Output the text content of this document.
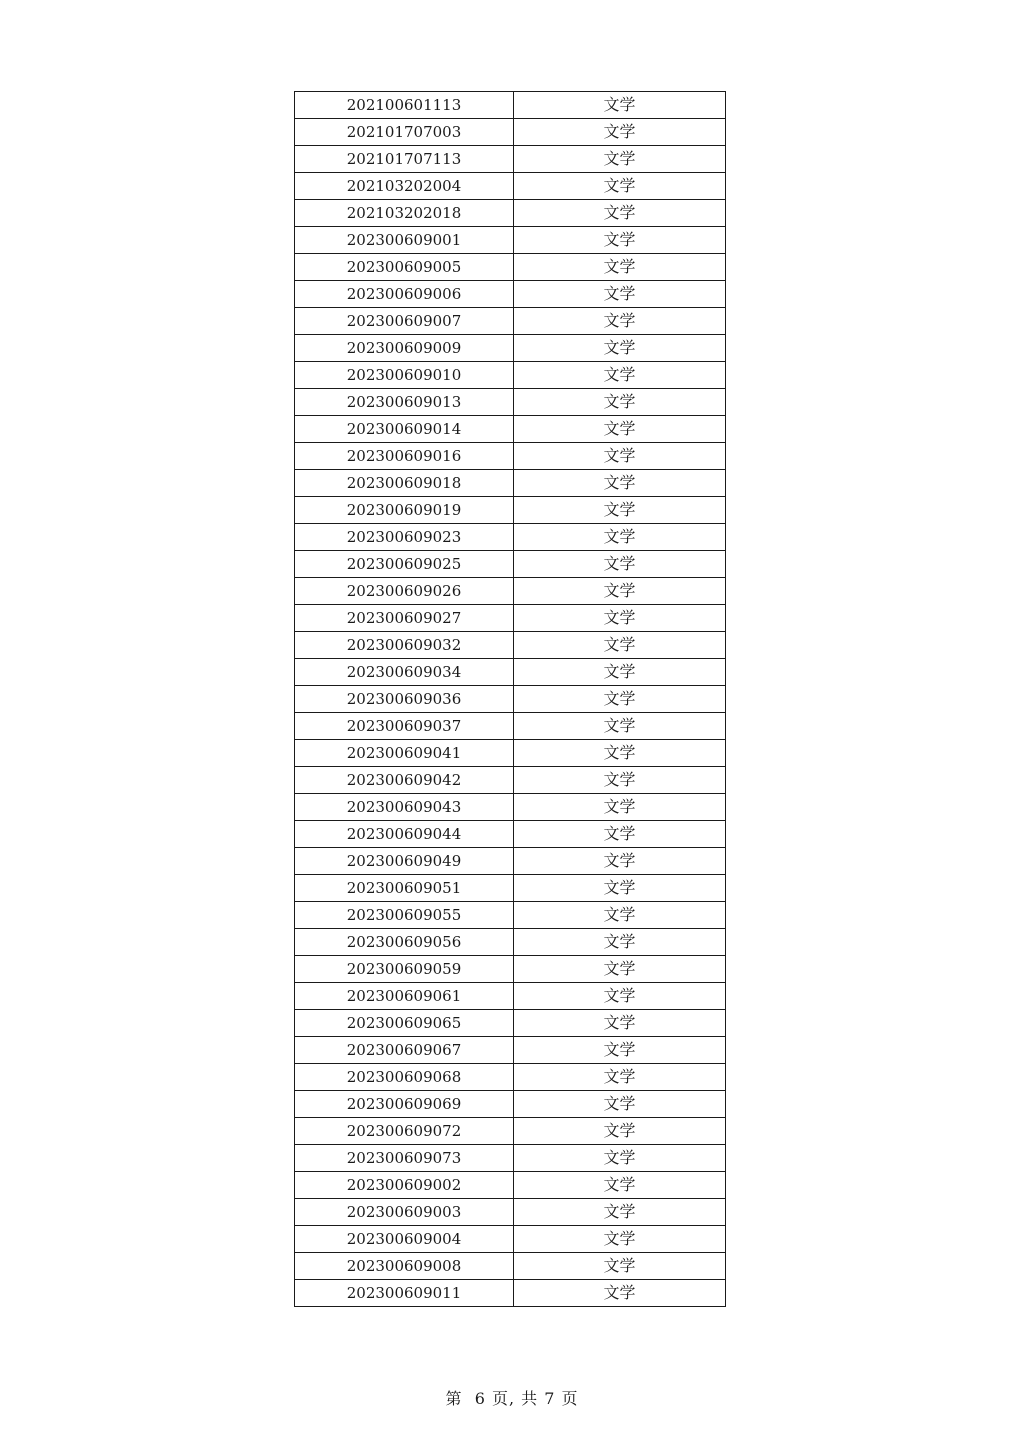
202100601113	文学
202101707003	文学
202101707113	文学
202103202004	文学
202103202018	文学
202300609001	文学
202300609005	文学
202300609006	文学
202300609007	文学
202300609009	文学
202300609010	文学
202300609013	文学
202300609014	文学
202300609016	文学
202300609018	文学
202300609019	文学
202300609023	文学
202300609025	文学
202300609026	文学
202300609027	文学
202300609032	文学
202300609034	文学
202300609036	文学
202300609037	文学
202300609041	文学
202300609042	文学
202300609043	文学
202300609044	文学
202300609049	文学
202300609051	文学
202300609055	文学
202300609056	文学
202300609059	文学
202300609061	文学
202300609065	文学
202300609067	文学
202300609068	文学
202300609069	文学
202300609072	文学
202300609073	文学
202300609002	文学
202300609003	文学
202300609004	文学
202300609008	文学
202300609011	文学
第  6 页, 共 7 页
